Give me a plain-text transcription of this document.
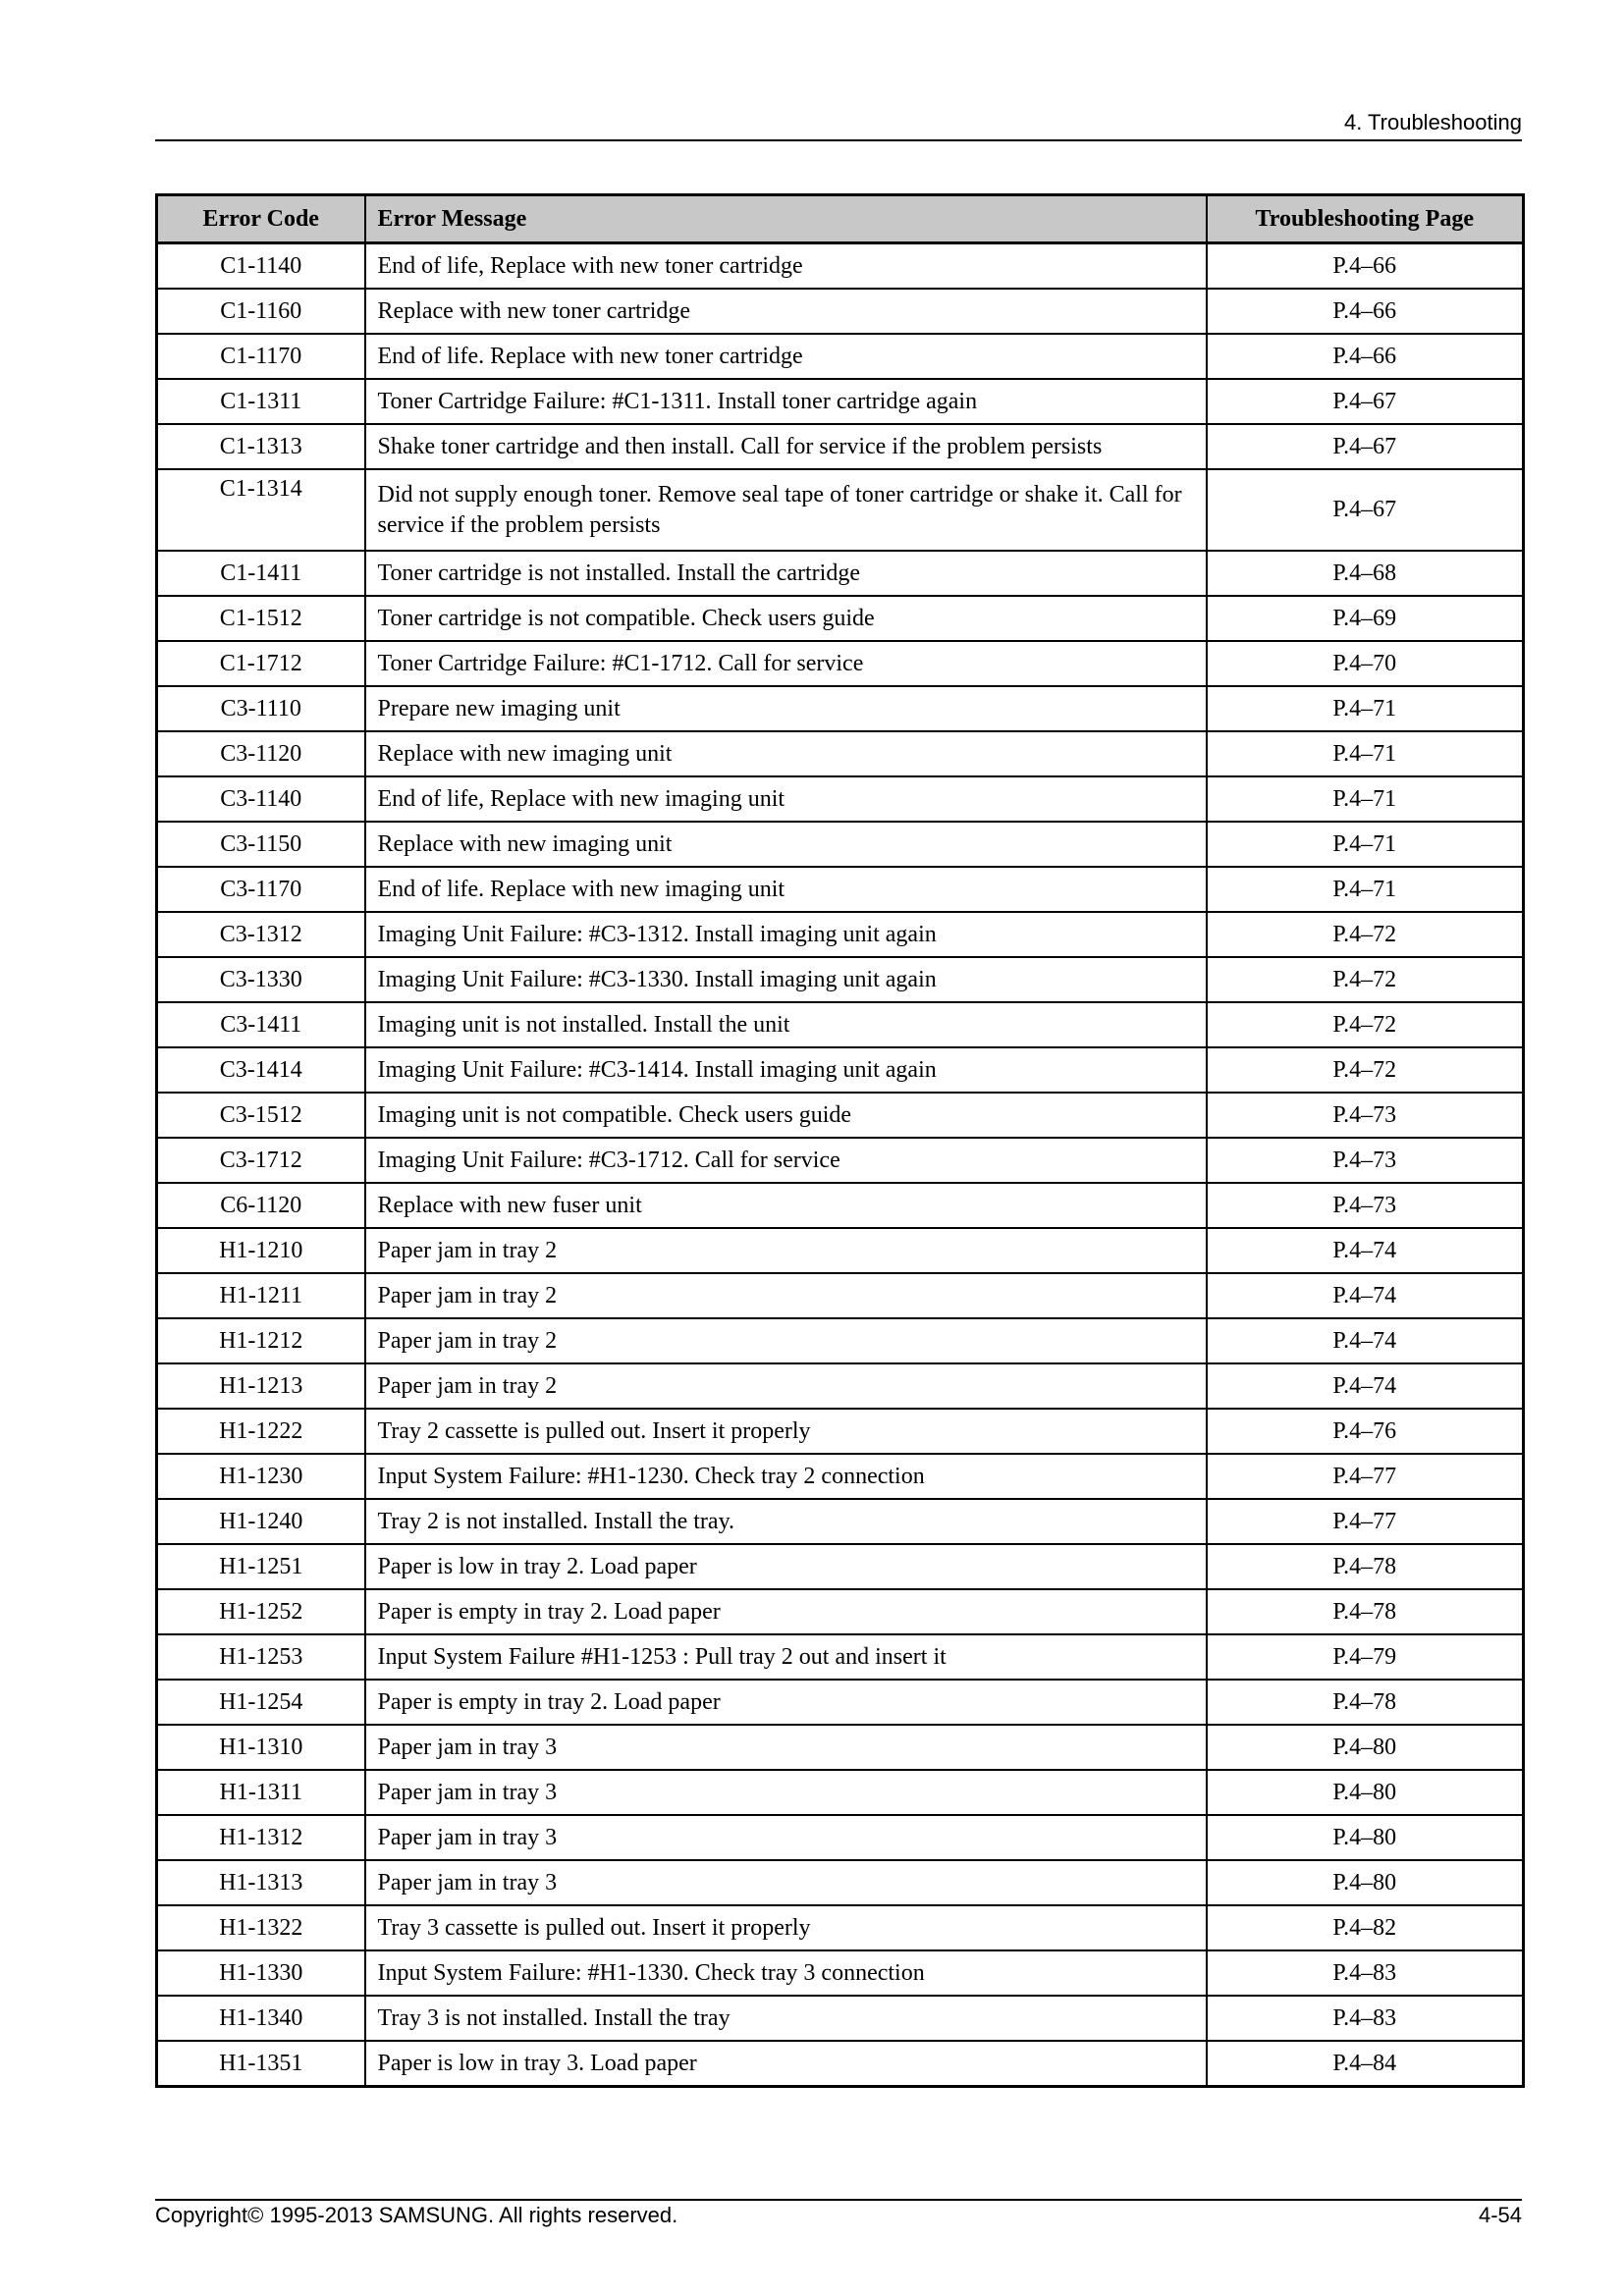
4. Troubleshooting
Error Code	Error Message	Troubleshooting Page
C1-1140	End of life, Replace with new toner cartridge	P.4–66
C1-1160	Replace with new toner cartridge	P.4–66
C1-1170	End of life. Replace with new toner cartridge	P.4–66
C1-1311	Toner Cartridge Failure: #C1-1311. Install toner cartridge again	P.4–67
C1-1313	Shake toner cartridge and then install. Call for service if the problem persists	P.4–67
C1-1314	Did not supply enough toner. Remove seal tape of toner cartridge or shake it. Call for service if the problem persists	P.4–67
C1-1411	Toner cartridge is not installed. Install the cartridge	P.4–68
C1-1512	Toner cartridge is not compatible. Check users guide	P.4–69
C1-1712	Toner Cartridge Failure: #C1-1712. Call for service	P.4–70
C3-1110	Prepare new imaging unit	P.4–71
C3-1120	Replace with new imaging unit	P.4–71
C3-1140	End of life, Replace with new imaging unit	P.4–71
C3-1150	Replace with new imaging unit	P.4–71
C3-1170	End of life. Replace with new imaging unit	P.4–71
C3-1312	Imaging Unit Failure: #C3-1312. Install imaging unit again	P.4–72
C3-1330	Imaging Unit Failure: #C3-1330. Install imaging unit again	P.4–72
C3-1411	Imaging unit is not installed. Install the unit	P.4–72
C3-1414	Imaging Unit Failure: #C3-1414. Install imaging unit again	P.4–72
C3-1512	Imaging unit is not compatible. Check users guide	P.4–73
C3-1712	Imaging Unit Failure: #C3-1712. Call for service	P.4–73
C6-1120	Replace with new fuser unit	P.4–73
H1-1210	Paper jam in tray 2	P.4–74
H1-1211	Paper jam in tray 2	P.4–74
H1-1212	Paper jam in tray 2	P.4–74
H1-1213	Paper jam in tray 2	P.4–74
H1-1222	Tray 2 cassette is pulled out. Insert it properly	P.4–76
H1-1230	Input System Failure: #H1-1230. Check tray 2 connection	P.4–77
H1-1240	Tray 2 is not installed. Install the tray.	P.4–77
H1-1251	Paper is low in tray 2. Load paper	P.4–78
H1-1252	Paper is empty in tray 2. Load paper	P.4–78
H1-1253	Input System Failure #H1-1253 : Pull tray 2 out and insert it	P.4–79
H1-1254	Paper is empty in tray 2. Load paper	P.4–78
H1-1310	Paper jam in tray 3	P.4–80
H1-1311	Paper jam in tray 3	P.4–80
H1-1312	Paper jam in tray 3	P.4–80
H1-1313	Paper jam in tray 3	P.4–80
H1-1322	Tray 3 cassette is pulled out. Insert it properly	P.4–82
H1-1330	Input System Failure: #H1-1330. Check tray 3 connection	P.4–83
H1-1340	Tray 3 is not installed. Install the tray	P.4–83
H1-1351	Paper is low in tray 3. Load paper	P.4–84
Copyright© 1995-2013 SAMSUNG. All rights reserved.	4-54
